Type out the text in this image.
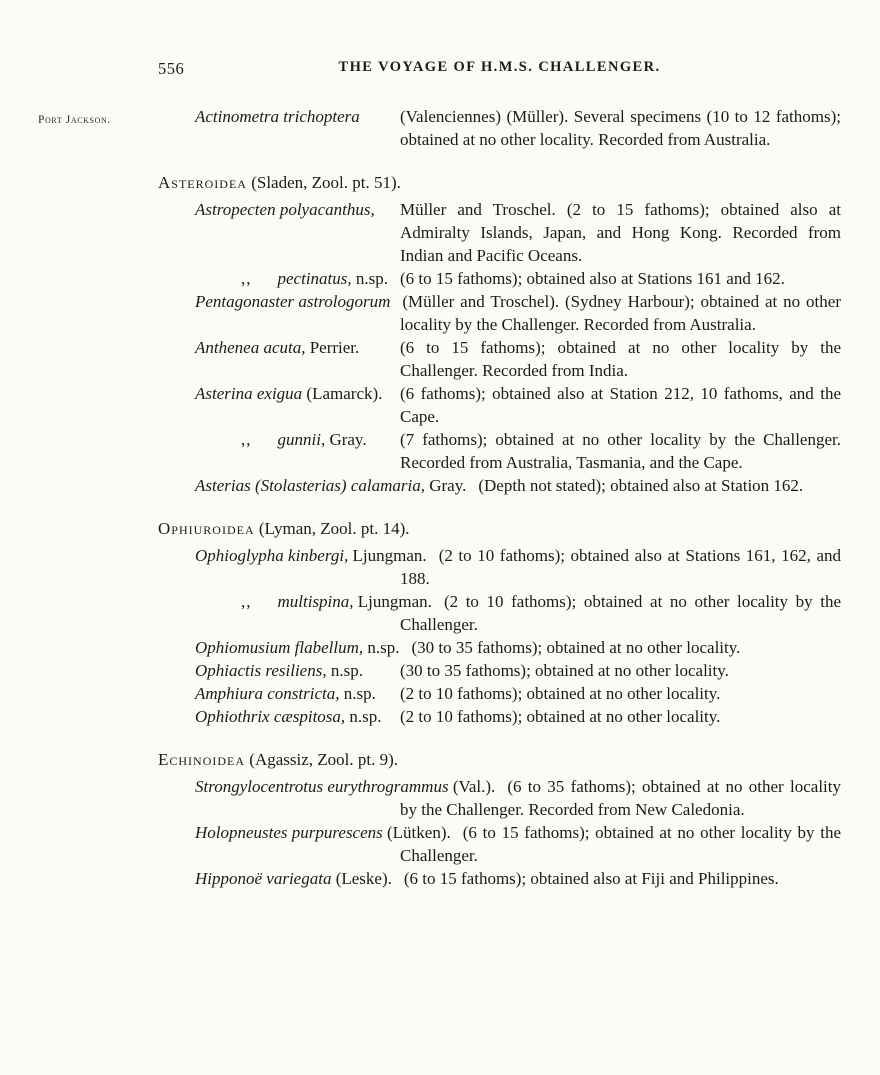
Port Jackson.
556	THE VOYAGE OF H.M.S. CHALLENGER.

Actinometra trichoptera (Valenciennes) (Müller). Several specimens (10 to 12 fathoms); obtained at no other locality. Recorded from Australia.

Asteroidea (Sladen, Zool. pt. 51).

Astropecten polyacanthus, Müller and Troschel. (2 to 15 fathoms); obtained also at Admiralty Islands, Japan, and Hong Kong. Recorded from Indian and Pacific Oceans.

,, pectinatus, n.sp. (6 to 15 fathoms); obtained also at Stations 161 and 162.

Pentagonaster astrologorum (Müller and Troschel). (Sydney Harbour); obtained at no other locality by the Challenger. Recorded from Australia.

Anthenea acuta, Perrier. (6 to 15 fathoms); obtained at no other locality by the Challenger. Recorded from India.

Asterina exigua (Lamarck). (6 fathoms); obtained also at Station 212, 10 fathoms, and the Cape.

,, gunnii, Gray. (7 fathoms); obtained at no other locality by the Challenger. Recorded from Australia, Tasmania, and the Cape.

Asterias (Stolasterias) calamaria, Gray. (Depth not stated); obtained also at Station 162.

Ophiuroidea (Lyman, Zool. pt. 14).

Ophioglypha kinbergi, Ljungman. (2 to 10 fathoms); obtained also at Stations 161, 162, and 188.

,, multispina, Ljungman. (2 to 10 fathoms); obtained at no other locality by the Challenger.

Ophiomusium flabellum, n.sp. (30 to 35 fathoms); obtained at no other locality.

Ophiactis resiliens, n.sp. (30 to 35 fathoms); obtained at no other locality.

Amphiura constricta, n.sp. (2 to 10 fathoms); obtained at no other locality.

Ophiothrix cæspitosa, n.sp. (2 to 10 fathoms); obtained at no other locality.

Echinoidea (Agassiz, Zool. pt. 9).

Strongylocentrotus eurythrogrammus (Val.). (6 to 35 fathoms); obtained at no other locality by the Challenger. Recorded from New Caledonia.

Holopneustes purpurescens (Lütken). (6 to 15 fathoms); obtained at no other locality by the Challenger.

Hipponoë variegata (Leske). (6 to 15 fathoms); obtained also at Fiji and Philippines.
